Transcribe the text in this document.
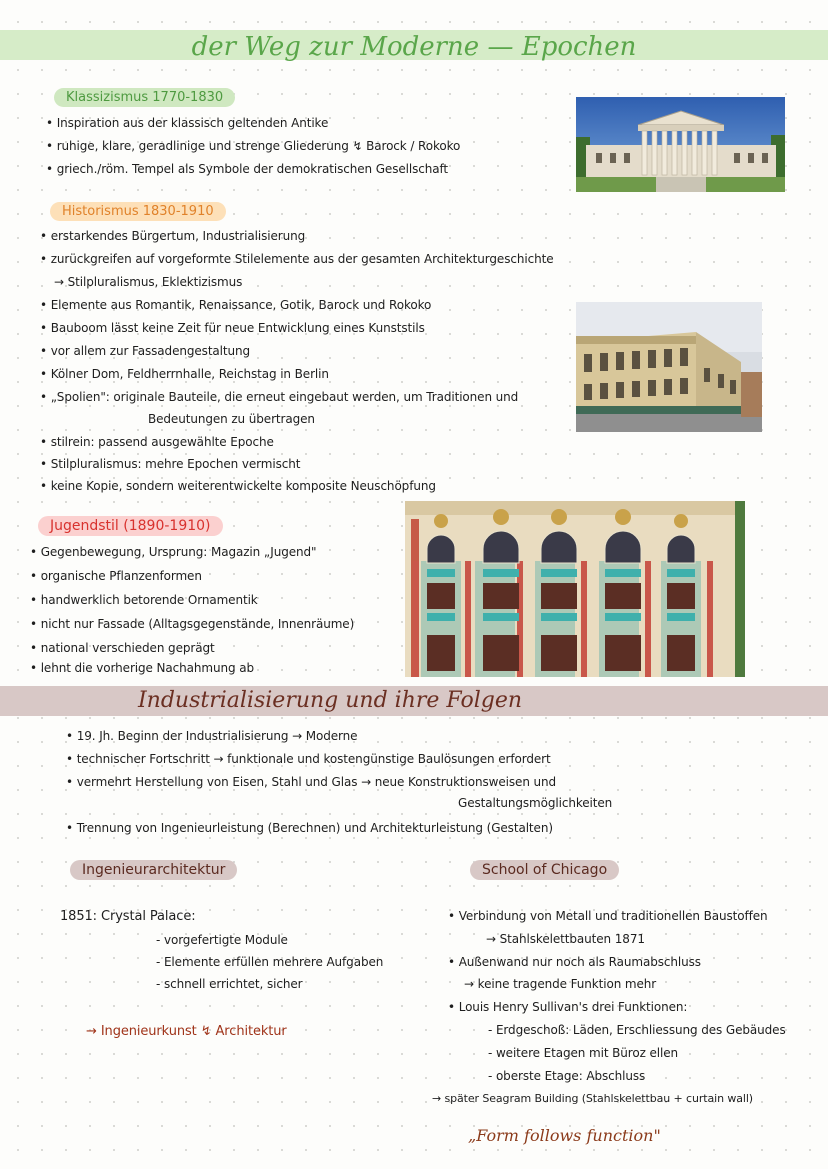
der Weg zur Moderne — Epochen
Klassizismus 1770-1830
• Inspiration aus der klassisch geltenden Antike
• ruhige, klare, geradlinige und strenge Gliederung ↯ Barock / Rokoko
• griech./röm. Tempel als Symbole der demokratischen Gesellschaft
Historismus 1830-1910
• erstarkendes Bürgertum, Industrialisierung
• zurückgreifen auf vorgeformte Stilelemente aus der gesamten Architekturgeschichte
→ Stilpluralismus, Eklektizismus
• Elemente aus Romantik, Renaissance, Gotik, Barock und Rokoko
• Bauboom lässt keine Zeit für neue Entwicklung eines Kunststils
• vor allem zur Fassadengestaltung
• Kölner Dom, Feldherrnhalle, Reichstag in Berlin
• „Spolien": originale Bauteile, die erneut eingebaut werden, um Traditionen und
Bedeutungen zu übertragen
• stilrein: passend ausgewählte Epoche
• Stilpluralismus: mehre Epochen vermischt
• keine Kopie, sondern weiterentwickelte komposite Neuschöpfung
Jugendstil (1890-1910)
• Gegenbewegung, Ursprung: Magazin „Jugend"
• organische Pflanzenformen
• handwerklich betorende Ornamentik
• nicht nur Fassade (Alltagsgegenstände, Innenräume)
• national verschieden geprägt
• lehnt die vorherige Nachahmung ab
Industrialisierung und ihre Folgen
• 19. Jh. Beginn der Industrialisierung → Moderne
• technischer Fortschritt → funktionale und kostengünstige Baulösungen erfordert
• vermehrt Herstellung von Eisen, Stahl und Glas → neue Konstruktionsweisen und
Gestaltungsmöglichkeiten
• Trennung von Ingenieurleistung (Berechnen) und Architekturleistung (Gestalten)
Ingenieurarchitektur
1851: Crystal Palace:
- vorgefertigte Module
- Elemente erfüllen mehrere Aufgaben
- schnell errichtet, sicher
→ Ingenieurkunst ↯ Architektur
School of Chicago
• Verbindung von Metall und traditionellen Baustoffen
→ Stahlskelettbauten 1871
• Außenwand nur noch als Raumabschluss
→ keine tragende Funktion mehr
• Louis Henry Sullivan's drei Funktionen:
- Erdgeschoß: Läden, Erschliessung des Gebäudes
- weitere Etagen mit Büroz ellen
- oberste Etage: Abschluss
→ später Seagram Building (Stahlskelettbau + curtain wall)
„Form follows function"
